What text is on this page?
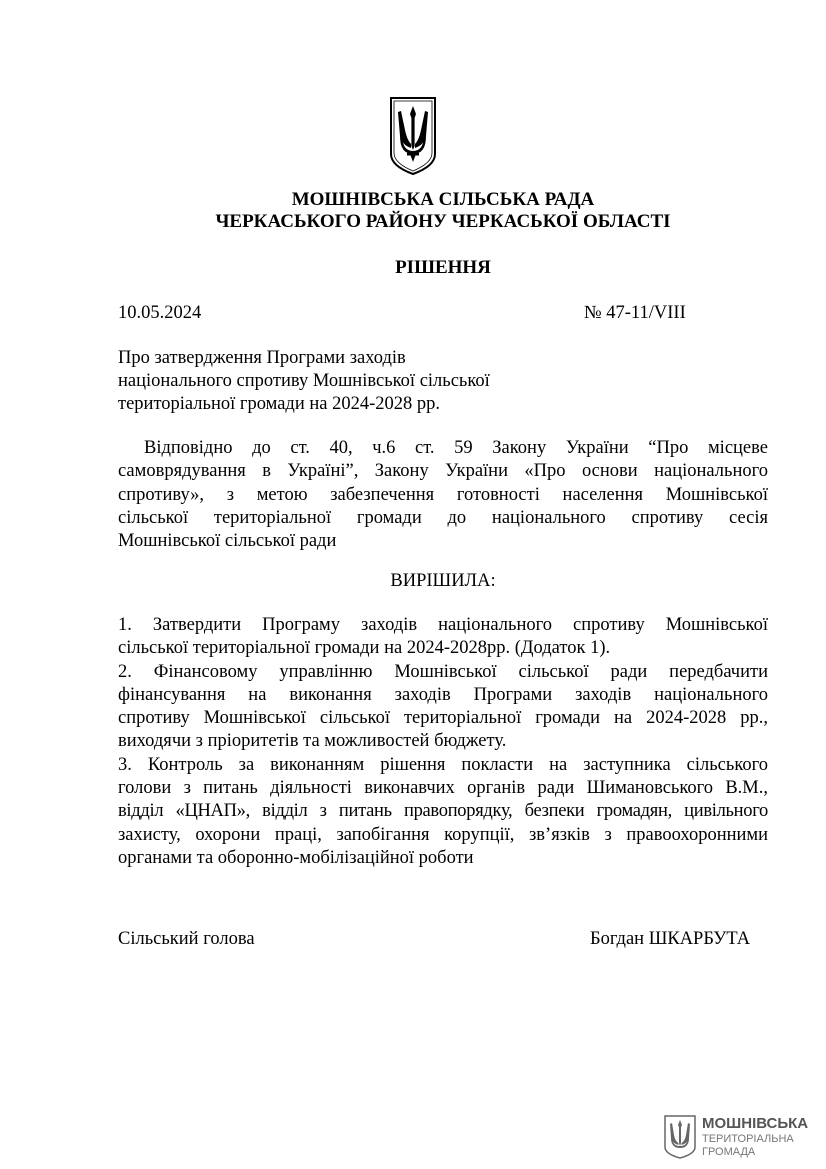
МОШНІВСЬКА СІЛЬСЬКА РАДА
ЧЕРКАСЬКОГО РАЙОНУ ЧЕРКАСЬКОЇ ОБЛАСТІ
РІШЕННЯ
10.05.2024	№ 47-11/VIII
Про затвердження Програми заходів
національного спротиву Мошнівської сільської
територіальної громади на 2024-2028 рр.
Відповідно до ст. 40, ч.6 ст. 59 Закону України “Про місцеве
самоврядування в Україні”, Закону України «Про основи національного
спротиву», з метою забезпечення готовності населення Мошнівської
сільської територіальної громади до національного спротиву сесія
Мошнівської сільської ради
ВИРІШИЛА:
1. Затвердити Програму заходів національного спротиву Мошнівської
сільської територіальної громади на 2024-2028рр. (Додаток 1).
2. Фінансовому управлінню Мошнівської сільської ради передбачити
фінансування на виконання заходів Програми заходів національного
спротиву Мошнівської сільської територіальної громади на 2024-2028 рр.,
виходячи з пріоритетів та можливостей бюджету.
3. Контроль за виконанням рішення покласти на заступника сільського
голови з питань діяльності виконавчих органів ради Шимановського В.М.,
відділ «ЦНАП», відділ з питань правопорядку, безпеки громадян, цивільного
захисту, охорони праці, запобігання корупції, зв’язків з правоохоронними
органами та оборонно-мобілізаційної роботи
Сільський голова	Богдан ШКАРБУТА
МОШНІВСЬКА
ТЕРИТОРІАЛЬНА
ГРОМАДА
